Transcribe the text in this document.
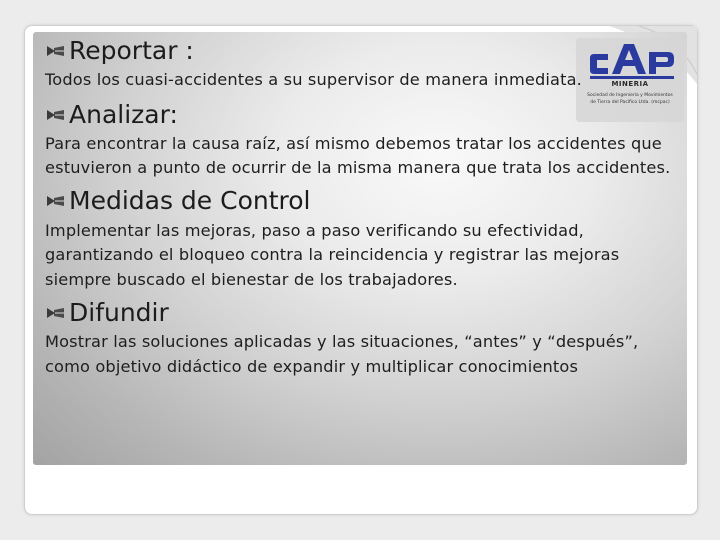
MINERIA
Sociedad de Ingeniería y Movimientos de Tierra del Pacífico Ltda. (mcpac)
Reportar :

Todos los cuasi-accidentes a su supervisor de manera inmediata.

Analizar:

Para encontrar la causa raíz, así mismo debemos tratar los accidentes que estuvieron a punto de ocurrir de la misma manera que trata los accidentes.

Medidas de Control

Implementar las mejoras, paso a paso verificando su efectividad, garantizando el bloqueo contra la reincidencia y registrar las mejoras siempre buscado el bienestar de los trabajadores.

Difundir

Mostrar las soluciones aplicadas y las situaciones, “antes” y “después”, como objetivo didáctico de expandir y multiplicar conocimientos
